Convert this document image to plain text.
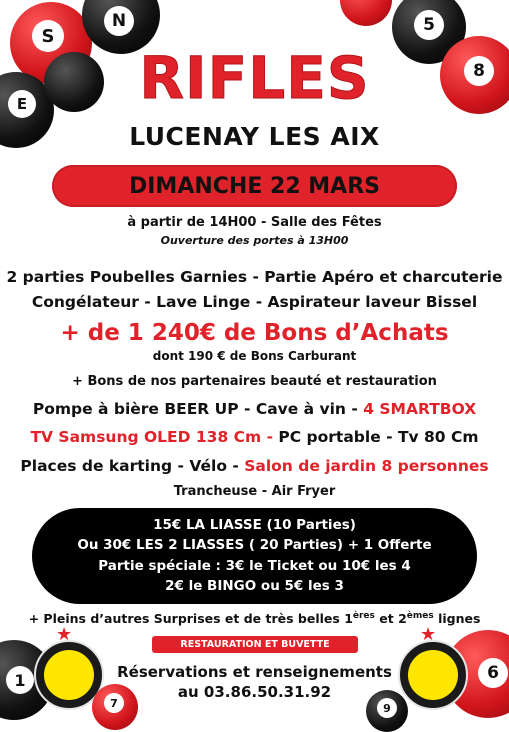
S
N
E
5
8
RIFLES
LUCENAY LES AIX
DIMANCHE 22 MARS
à partir de 14H00 - Salle des Fêtes
Ouverture des portes à 13H00
2 parties Poubelles Garnies - Partie Apéro et charcuterie
Congélateur - Lave Linge - Aspirateur laveur Bissel
+ de 1 240€ de Bons d’Achats
dont 190 € de Bons Carburant
+ Bons de nos partenaires beauté et restauration
Pompe à bière BEER UP - Cave à vin - 4 SMARTBOX
TV Samsung OLED 138 Cm - PC portable - Tv 80 Cm
Places de karting - Vélo - Salon de jardin 8 personnes
Trancheuse - Air Fryer
15€ LA LIASSE (10 Parties)
Ou 30€ LES 2 LIASSES ( 20 Parties) + 1 Offerte
Partie spéciale : 3€ le Ticket ou 10€ les 4
2€ le BINGO ou 5€ les 3
+ Pleins d’autres Surprises et de très belles 1ères et 2èmes lignes
RESTAURATION ET BUVETTE
Réservations et renseignements
au 03.86.50.31.92
1
★
7
6
★
9
